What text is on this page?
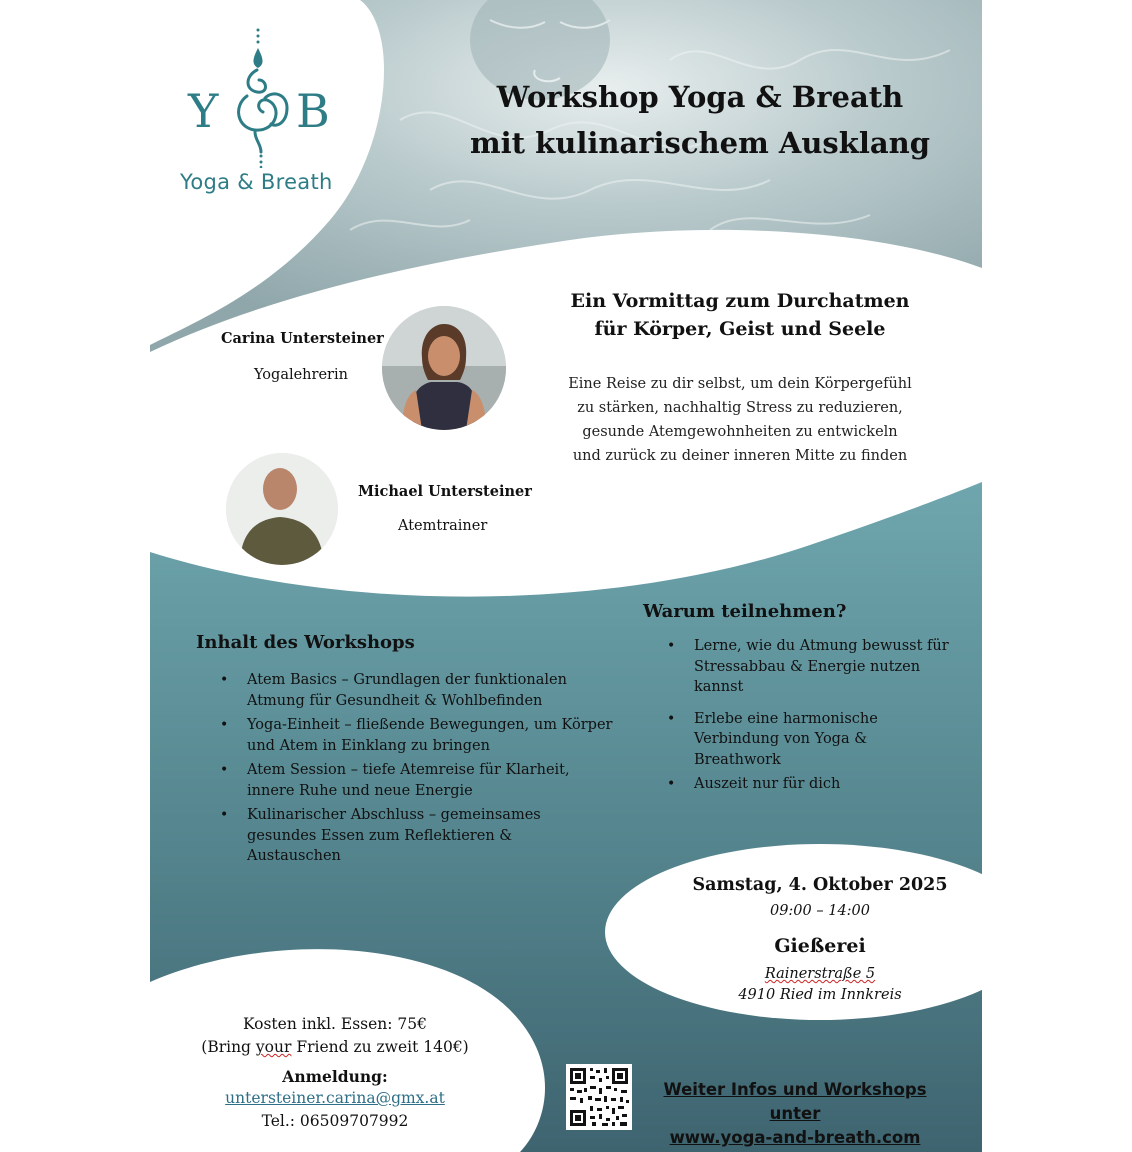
Y B
Yoga & Breath
Workshop Yoga & Breath
mit kulinarischem Ausklang
Ein Vormittag zum Durchatmen
für Körper, Geist und Seele
Eine Reise zu dir selbst, um dein Körpergefühl
zu stärken, nachhaltig Stress zu reduzieren,
gesunde Atemgewohnheiten zu entwickeln
und zurück zu deiner inneren Mitte zu finden
Carina Untersteiner
Yogalehrerin
Michael Untersteiner
Atemtrainer
Inhalt des Workshops
• Atem Basics – Grundlagen der funktionalen
Atmung für Gesundheit & Wohlbefinden
• Yoga-Einheit – fließende Bewegungen, um Körper
und Atem in Einklang zu bringen
• Atem Session – tiefe Atemreise für Klarheit,
innere Ruhe und neue Energie
• Kulinarischer Abschluss – gemeinsames
gesundes Essen zum Reflektieren &
Austauschen
Warum teilnehmen?
• Lerne, wie du Atmung bewusst für
Stressabbau & Energie nutzen
kannst
• Erlebe eine harmonische
Verbindung von Yoga &
Breathwork
• Auszeit nur für dich
Samstag, 4. Oktober 2025
09:00 – 14:00
Gießerei
Rainerstraße 5
4910 Ried im Innkreis
Kosten inkl. Essen: 75€
(Bring your Friend zu zweit 140€)
Anmeldung:
untersteiner.carina@gmx.at
Tel.: 06509707992
Weiter Infos und Workshops unter
www.yoga-and-breath.com
